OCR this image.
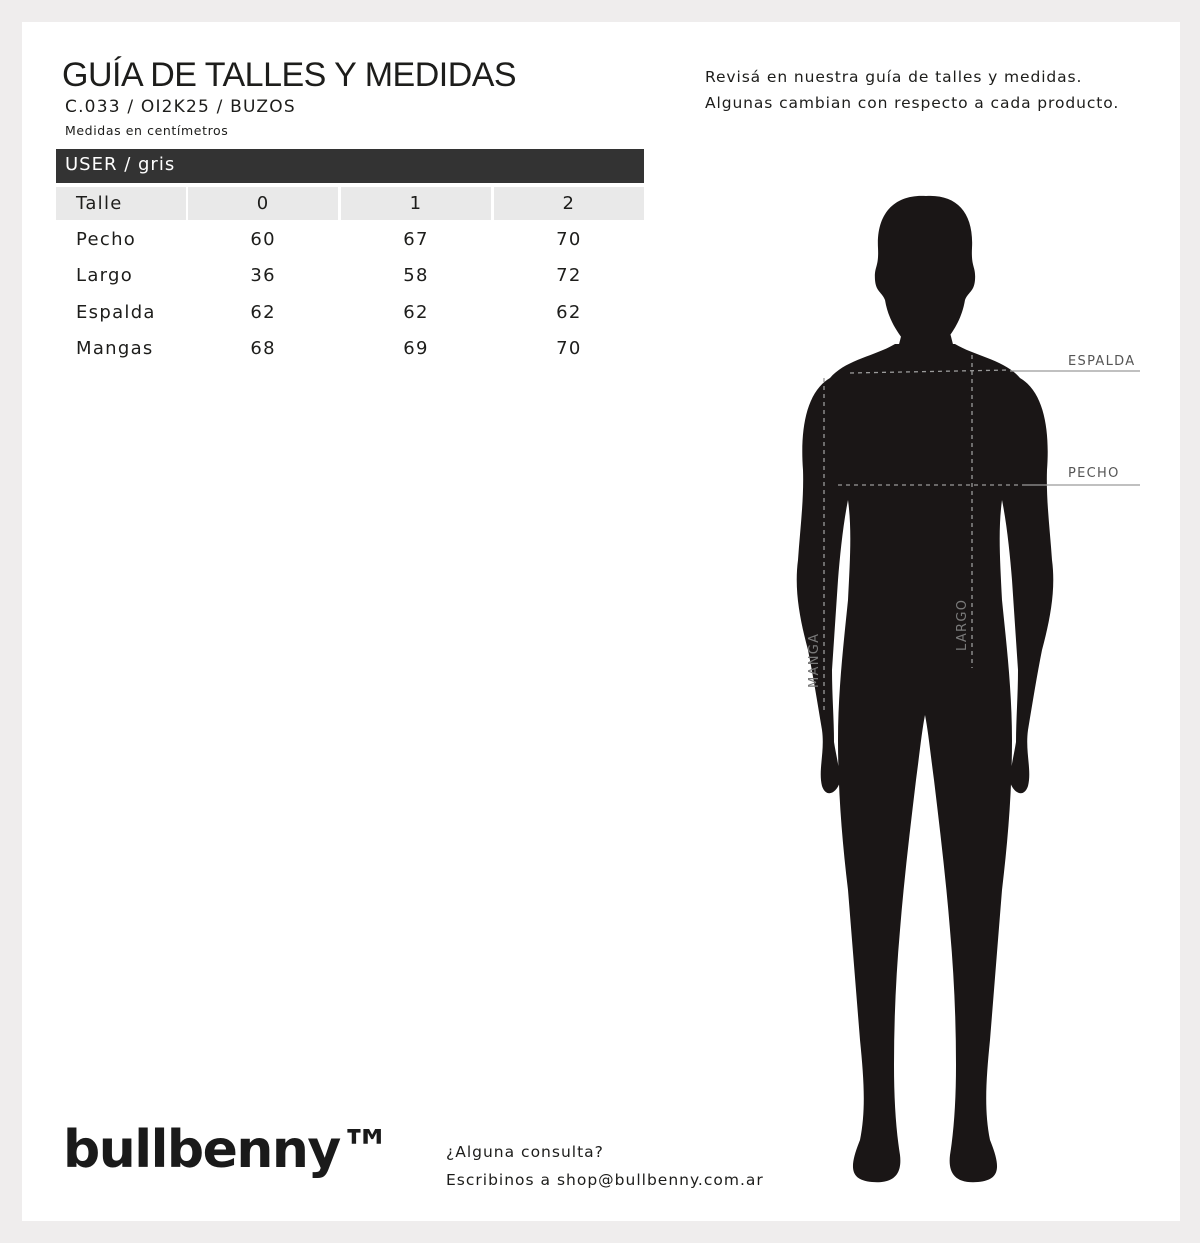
GUÍA DE TALLES Y MEDIDAS
C.033 / OI2K25 / BUZOS
Medidas en centímetros
Revisá en nuestra guía de talles y medidas.
Algunas cambian con respecto a cada producto.
USER / gris
Talle	0	1	2
Pecho	60	67	70
Largo	36	58	72
Espalda	62	62	62
Mangas	68	69	70
bullbenny™	¿Alguna consulta?
Escribinos a shop@bullbenny.com.ar
ESPALDA
PECHO
LARGO
MANGA
